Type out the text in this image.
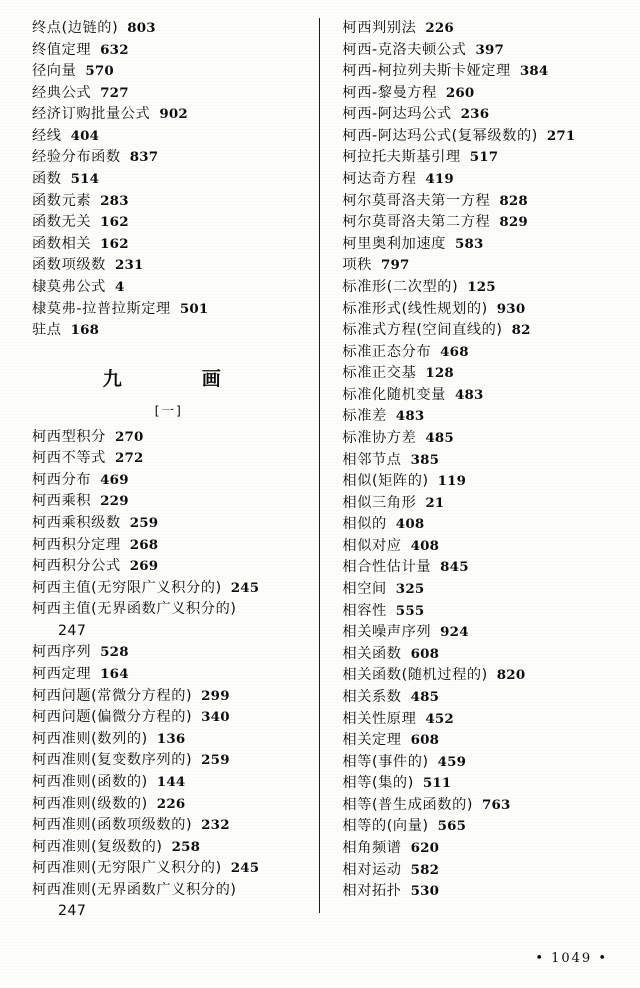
终点(边链的) 803
终值定理 632
径向量 570
经典公式 727
经济订购批量公式 902
经线 404
经验分布函数 837
函数 514
函数元素 283
函数无关 162
函数相关 162
函数项级数 231
棣莫弗公式 4
棣莫弗-拉普拉斯定理 501
驻点 168
九　　画
[一]
柯西型积分 270
柯西不等式 272
柯西分布 469
柯西乘积 229
柯西乘积级数 259
柯西积分定理 268
柯西积分公式 269
柯西主值(无穷限广义积分的) 245
柯西主值(无界函数广义积分的)
247
柯西序列 528
柯西定理 164
柯西问题(常微分方程的) 299
柯西问题(偏微分方程的) 340
柯西准则(数列的) 136
柯西准则(复变数序列的) 259
柯西准则(函数的) 144
柯西准则(级数的) 226
柯西准则(函数项级数的) 232
柯西准则(复级数的) 258
柯西准则(无穷限广义积分的) 245
柯西准则(无界函数广义积分的)
247
柯西判别法 226
柯西-克洛夫顿公式 397
柯西-柯拉列夫斯卡娅定理 384
柯西-黎曼方程 260
柯西-阿达玛公式 236
柯西-阿达玛公式(复幂级数的) 271
柯拉托夫斯基引理 517
柯达奇方程 419
柯尔莫哥洛夫第一方程 828
柯尔莫哥洛夫第二方程 829
柯里奥利加速度 583
项秩 797
标准形(二次型的) 125
标准形式(线性规划的) 930
标准式方程(空间直线的) 82
标准正态分布 468
标准正交基 128
标准化随机变量 483
标准差 483
标准协方差 485
相邻节点 385
相似(矩阵的) 119
相似三角形 21
相似的 408
相似对应 408
相合性估计量 845
相空间 325
相容性 555
相关噪声序列 924
相关函数 608
相关函数(随机过程的) 820
相关系数 485
相关性原理 452
相关定理 608
相等(事件的) 459
相等(集的) 511
相等(普生成函数的) 763
相等的(向量) 565
相角频谱 620
相对运动 582
相对拓扑 530
• 1049 •
